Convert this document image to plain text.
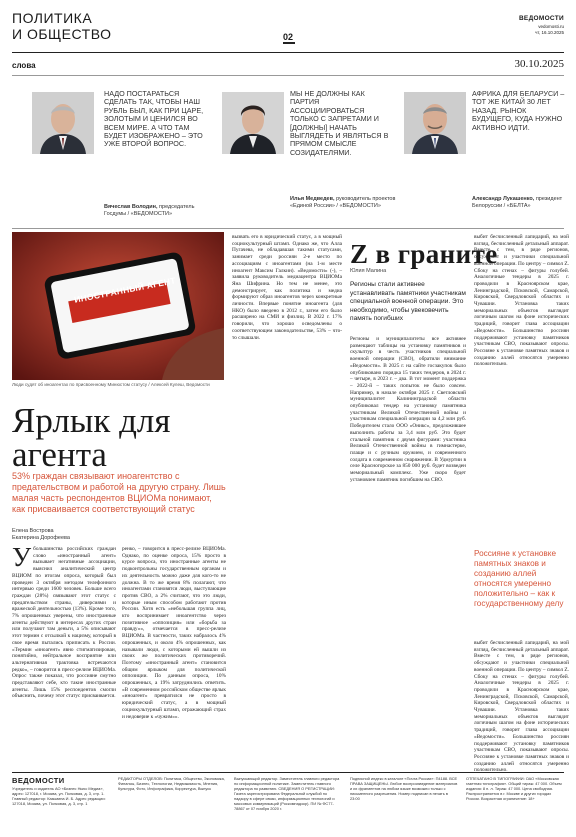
ПОЛИТИКА
И ОБЩЕСТВО	02
ВЕДОМОСТИ
vedomosti.ru
чт, 16.10.2025
слова	30.10.2025
НАДО ПОСТАРАТЬСЯ СДЕЛАТЬ ТАК, ЧТОБЫ НАШ РУБЛЬ БЫЛ, КАК ПРИ ЦАРЕ, ЗОЛОТЫМ И ЦЕНИЛСЯ ВО ВСЕМ МИРЕ. А ЧТО ТАМ БУДЕТ ИЗОБРАЖЕНО – ЭТО УЖЕ ВТОРОЙ ВОПРОС.
Вячеслав Володин, председатель Госдумы / «ВЕДОМОСТИ»
МЫ НЕ ДОЛЖНЫ КАК ПАРТИЯ АССОЦИИРОВАТЬСЯ ТОЛЬКО С ЗАПРЕТАМИ И [ДОЛЖНЫ] НАЧАТЬ ВЫГЛЯДЕТЬ И ЯВЛЯТЬСЯ В ПРЯМОМ СМЫСЛЕ СОЗИДАТЕЛЯМИ.
Илья Медведев, руководитель проектов «Единой России» / «ВЕДОМОСТИ»
АФРИКА ДЛЯ БЕЛАРУСИ – ТОТ ЖЕ КИТАЙ 30 ЛЕТ НАЗАД. РЫНОК БУДУЩЕГО, КУДА НУЖНО АКТИВНО ИДТИ.
Александр Лукашенко, президент Белоруссии / «БЕЛТА»
ИНОСТРАННЫЙ АГЕНТ
Люди судят об иноагентах по присвоенному Минюстом статусу / Алексей Кулеш, Ведомости
Ярлык для агента
53% граждан связывают иноагентство с предательством и работой на другую страну. Лишь малая часть респондентов ВЦИОМа понимают, как присваивается соответствующий статус
Елена Вострова
Екатерина Дорофеева
Убольшинства российских граждан слово «иностранный агент» вызывает негативные ассоциации, выяснил аналитический центр ВЦИОМ по итогам опроса, который был проведен 3 октября методом телефонного интервью среди 1600 человек. Больше всего граждан (28%) связывают этот статус с предательством страны, диверсиями и вражеской деятельностью (13%). Кроме того, 7% опрошенных уверены, что иностранные агенты действуют в интересах других стран или получают там деньги, а 5% описывают этот термин с отсылкой к нацизму, который в свое время пытались приписать к России. «Термин «иноагент» явно стигматизирован, понятийно, нейтральное восприятие или альтернативная трактовка встречаются редко», – говорится в пресс-релизе ВЦИОМа. Опрос также показал, что россияне смутно представляют себе, кто такие иностранные агенты. Лишь 15% респондентов смогли объяснить, почему этот статус присваивается.
ренко, – говорится в пресс-релизе ВЦИОМа. Однако, по оценке опроса, 15% просто в курсе вопроса, что иностранные агенты не подконтрольны государственным органам и их деятельность можно даже для кого-то не должна. В то же время 8% полагают, что иноагентами становятся люди, выступающие против СВО, а 2% считают, что это люди, которые иным способом работают против России. Хотя есть «небольшая группа лиц, кто воспринимает иноагентство через позитивное «оппозиция» или «борьба за правду»», отмечается в пресс-релизе ВЦИОМа. В частности, таких набралось 4% опрошенных, и около 4% опрошенных, как называли люди, с которыми ей вышли из своих же политических противоречий. Поэтому «иностранный агент» становится общим ярлыком для политической оппозиции. По данным опроса, 10% опрошенных, а 19% затруднились ответить. «В современном российском обществе ярлык «иноагент» превратился не просто в юридический статус, а в мощный социокультурный штамп, отражающий страх и недоверие к «чужим»».
вызвать его в юридический статус, а в мощный социокультурный штамп. Однако же, что Алла Пугачева, не обладавшая такими статусами, занимает среди россиян 2-е место по ассоциациям с иноагентами (на 1-м месте иноагент Максим Галкин). «Ведомости» (-), – заявила руководитель медиацентра ВЦИОМа Яна Шифрина. Но тем не менее, это демонстрирует, как политика и медиа формируют образ иноагентов через конкретные личности. Впервые понятие иноагента (для НКО) было введено в 2012 г., затем его было расширено на СМИ и физлиц. В 2022 г. 17% говорили, что хорошо осведомлены о соответствующем законодательстве, 53% – что-то слышали.
Z в граните
Юлия Малина
Регионы стали активнее устанавливать памятники участникам специальной военной операции. Это необходимо, чтобы увековечить память погибших
Регионы и муниципалитеты все активнее размещают таблицы на установку памятников и скульптур в честь участников специальной военной операции (СВО), обратили внимание «Ведомости». В 2025 г. на сайте госзакупок было опубликовано порядка 15 таких тендеров, в 2024 г. – четыре, в 2023 г. – два. В тот момент поддержка – 2022-й – таких попыток не было совсем. Например, в начале октября 2025 г. Светловский муниципалитет Калининградской области опубликовал тендер на установку памятника участникам Великой Отечественной войны и участникам специальной операции за 4,2 млн руб. Победителем стало ООО «Оникс», предложившее выполнить работы за 3,4 млн руб. Это будет стальной памятник с двумя фигурами: участника Великой Отечественной войны в гимнастерке, плаще и с ручным оружием, и современного солдата в современном снаряжении. В Удмуртии в селе Красногорское за 850 000 руб. будет возведен мемориальный комплекс. Уже скоро будет установлен памятник погибшим на СВО.
выбит бесчисленный лапидарий, на мой взгляд, бесчисленный детальный аппарат. Вместе с тем, в ряде регионов, обсуждают и участники специальной военной операции. По центру – символ Z. Сбоку на стенах – фигуры голубей. Аналогичные тендеры в 2025 г. проводили в Красноярском крае, Ленинградской, Псковской, Самарской, Кировской, Свердловской областях и Чувашии. Установка таких мемориальных объектов выглядит логичным шагом на фоне исторических традиций, говорит глава ассоциации «Ведомости». Большинство россиян поддерживают установку памятников участникам СВО, показывают опросы. Россияне к установке памятных знаков и созданию аллей относятся умеренно положительно.
Россияне к установке памятных знаков и созданию аллей относятся умеренно положительно – как к государственному делу
выбит бесчисленный лапидарий, на мой взгляд, бесчисленный детальный аппарат. Вместе с тем, в ряде регионов, обсуждают и участники специальной военной операции. По центру – символ Z. Сбоку на стенах – фигуры голубей. Аналогичные тендеры в 2025 г. проводили в Красноярском крае, Ленинградской, Псковской, Самарской, Кировской, Свердловской областях и Чувашии. Установка таких мемориальных объектов выглядит логичным шагом на фоне исторических традиций, говорит глава ассоциации «Ведомости». Большинство россиян поддерживают установку памятников участникам СВО, показывают опросы. Россияне к установке памятных знаков и созданию аллей относятся умеренно положительно.
ВЕДОМОСТИ
Учредитель и издатель АО «Бизнес Ньюс Медиа», адрес: 127018, г. Москва, ул. Полковая, д. 3, стр. 1. Главный редактор: Казьмина И. Б. Адрес редакции: 127018, Москва, ул. Полковая, д. 3, стр. 1
РЕДАКТОРЫ ОТДЕЛОВ: Политика, Общество, Экономика, Финансы, Бизнес, Технологии, Недвижимость, Мнения, Культура, Фото, Инфографика, Корректура, Выпуск
Выпускающий редактор. Заместитель главного редактора по информационной политике. Заместитель главного редактора по развитию. СВЕДЕНИЯ О РЕГИСТРАЦИИ: Газета зарегистрирована Федеральной службой по надзору в сфере связи, информационных технологий и массовых коммуникаций (Роскомнадзор). ПИ № ФС77-78867 от 07 ноября 2020 г.
Подписной индекс в каталоге «Почта России»: П4188. ВСЕ ПРАВА ЗАЩИЩЕНЫ. Любое воспроизведение материалов и их фрагментов на любом языке возможно только с письменного разрешения. Номер подписан в печать в 23:00
ОТПЕЧАТАНО В ТИПОГРАФИИ: ОАО «Московская газетная типография». Общий тираж: 47 000. Объем издания: 8 п. л. Тираж: 47 000. Цена свободная. Распространяется в г. Москве и других городах России. Возрастная ограничение: 18+
